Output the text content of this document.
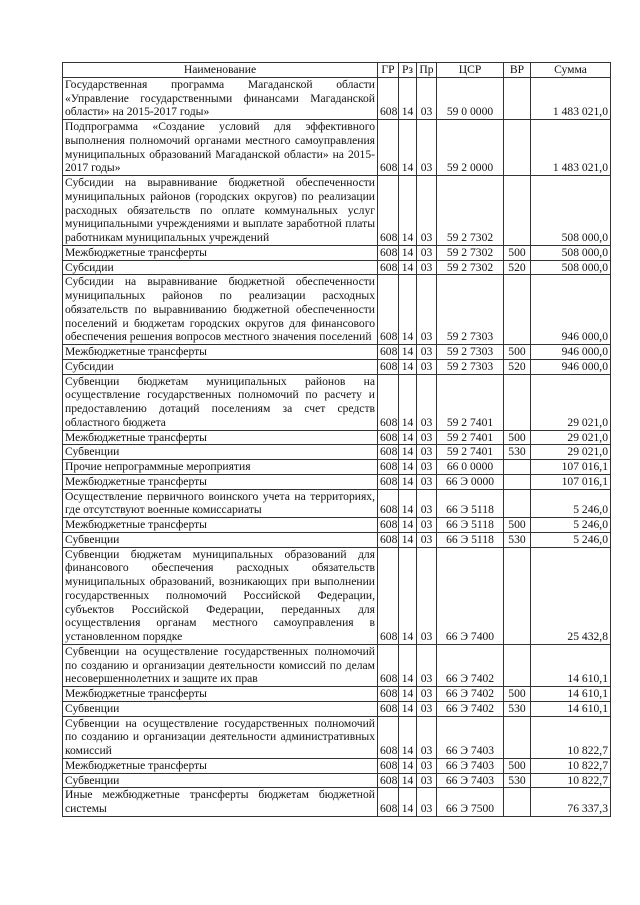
Наименование	ГР	Рз	Пр	ЦСР	ВР	Сумма
Государственная программа Магаданской области «Управление государственными финансами Магаданской области» на 2015-2017 годы»	608	14	03	59 0 0000		1 483 021,0
Подпрограмма «Создание условий для эффективного выполнения полномочий органами местного самоуправления муниципальных образований Магаданской области» на 2015-2017 годы»	608	14	03	59 2 0000		1 483 021,0
Субсидии на выравнивание бюджетной обеспеченности муниципальных районов (городских округов) по реализации расходных обязательств по оплате коммунальных услуг муниципальными учреждениями и выплате заработной платы работникам муниципальных учреждений	608	14	03	59 2 7302		508 000,0
Межбюджетные трансферты	608	14	03	59 2 7302	500	508 000,0
Субсидии	608	14	03	59 2 7302	520	508 000,0
Субсидии на выравнивание бюджетной обеспеченности муниципальных районов по реализации расходных обязательств по выравниванию бюджетной обеспеченности поселений и бюджетам городских округов для финансового обеспечения решения вопросов местного значения поселений	608	14	03	59 2 7303		946 000,0
Межбюджетные трансферты	608	14	03	59 2 7303	500	946 000,0
Субсидии	608	14	03	59 2 7303	520	946 000,0
Субвенции бюджетам муниципальных районов на осуществление государственных полномочий по расчету и предоставлению дотаций поселениям за счет средств областного бюджета	608	14	03	59 2 7401		29 021,0
Межбюджетные трансферты	608	14	03	59 2 7401	500	29 021,0
Субвенции	608	14	03	59 2 7401	530	29 021,0
Прочие непрограммные мероприятия	608	14	03	66 0 0000		107 016,1
Межбюджетные трансферты	608	14	03	66 Э 0000		107 016,1
Осуществление первичного воинского учета на территориях, где отсутствуют военные комиссариаты	608	14	03	66 Э 5118		5 246,0
Межбюджетные трансферты	608	14	03	66 Э 5118	500	5 246,0
Субвенции	608	14	03	66 Э 5118	530	5 246,0
Субвенции бюджетам муниципальных образований для финансового обеспечения расходных обязательств муниципальных образований, возникающих при выполнении государственных полномочий Российской Федерации, субъектов Российской Федерации, переданных для осуществления органам местного самоуправления в установленном порядке	608	14	03	66 Э 7400		25 432,8
Субвенции на осуществление государственных полномочий по созданию и организации деятельности комиссий по делам несовершеннолетних и защите их прав	608	14	03	66 Э 7402		14 610,1
Межбюджетные трансферты	608	14	03	66 Э 7402	500	14 610,1
Субвенции	608	14	03	66 Э 7402	530	14 610,1
Субвенции на осуществление государственных полномочий по созданию и организации деятельности административных комиссий	608	14	03	66 Э 7403		10 822,7
Межбюджетные трансферты	608	14	03	66 Э 7403	500	10 822,7
Субвенции	608	14	03	66 Э 7403	530	10 822,7
Иные межбюджетные трансферты бюджетам бюджетной системы	608	14	03	66 Э 7500		76 337,3
